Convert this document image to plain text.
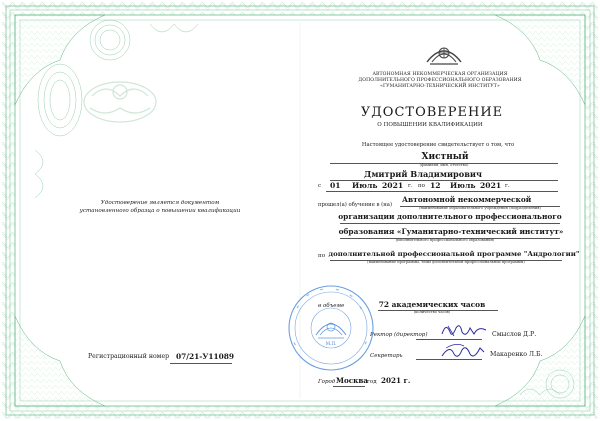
АВТОНОМНАЯ НЕКОММЕРЧЕСКАЯ ОРГАНИЗАЦИЯ
ДОПОЛНИТЕЛЬНОГО ПРОФЕССИОНАЛЬНОГО ОБРАЗОВАНИЯ
«ГУМАНИТАРНО-ТЕХНИЧЕСКИЙ ИНСТИТУТ»
УДОСТОВЕРЕНИЕ
О ПОВЫШЕНИИ КВАЛИФИКАЦИИ
Удостоверение является документом
установленного образца о повышении квалификации
Регистрационный номер 07/21-У11089
Настоящее удостоверение свидетельствует о том, что
Хистный
(фамилия, имя, отчество)
Дмитрий Владимирович
с 01 Июль 2021 г. по 12 Июль 2021 г.
прошел(а) обучение в (на)
Автономной некоммерческой
(наименование образовательного учреждения (подразделения)
организации дополнительного профессионального
образования «Гуманитарно-технический институт»
дополнительного профессионального образования)
по дополнительной профессиональной программе "Андрологии"
(наименование программы, темы дополнительной профессиональной программы)
в объеме	72 академических часов
(количество часов)
Ректор (директор)	Смыслов Д.Р.
Секретарь	Макаренко Л.Б.
М.П.
Город Москва год 2021 г.
